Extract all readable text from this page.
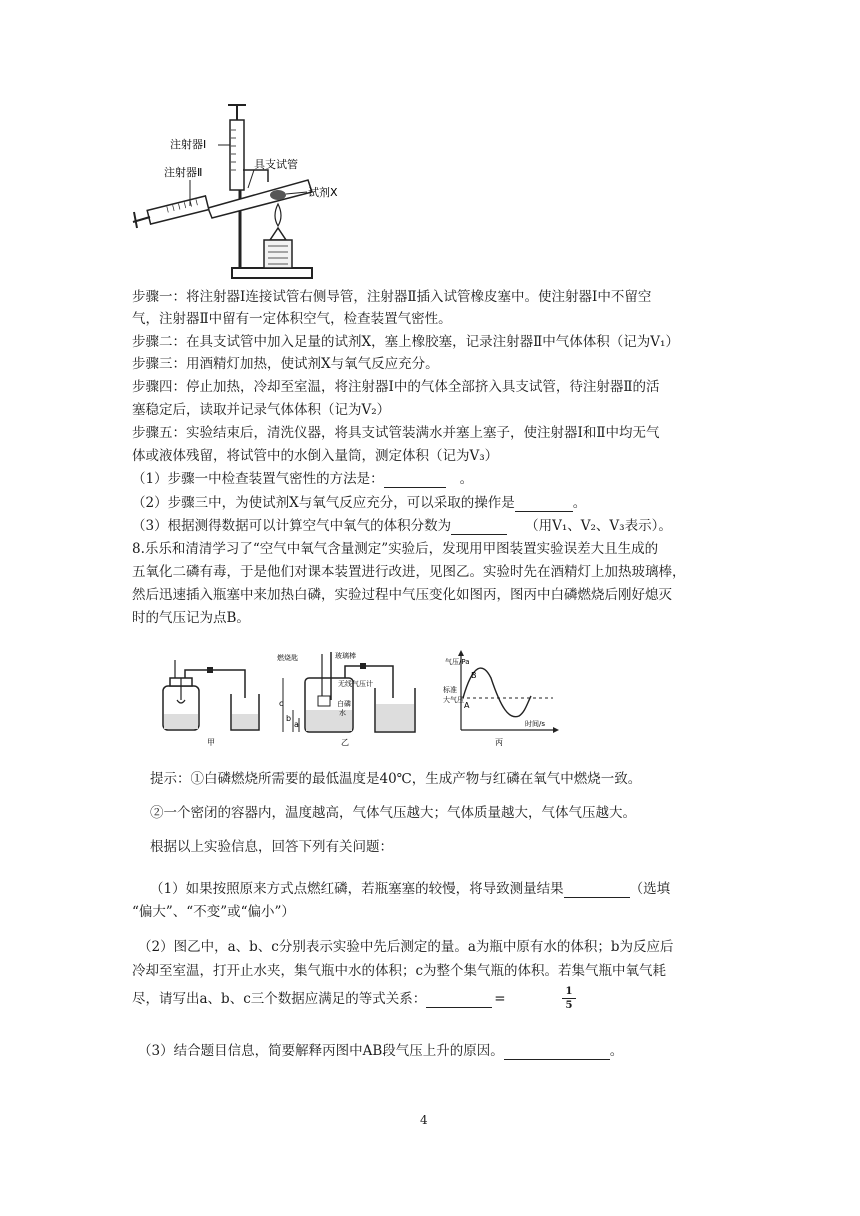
注射器Ⅰ
注射器Ⅱ
具支试管
试剂X
步骤一：将注射器Ⅰ连接试管右侧导管，注射器Ⅱ插入试管橡皮塞中。使注射器Ⅰ中不留空
气，注射器Ⅱ中留有一定体积空气，检查装置气密性。
步骤二：在具支试管中加入足量的试剂X，塞上橡胶塞，记录注射器Ⅱ中气体体积（记为V₁）
步骤三：用酒精灯加热，使试剂X与氧气反应充分。
步骤四：停止加热，冷却至室温，将注射器Ⅰ中的气体全部挤入具支试管，待注射器Ⅱ的活
塞稳定后，读取并记录气体体积（记为V₂）
步骤五：实验结束后，清洗仪器，将具支试管装满水并塞上塞子，使注射器Ⅰ和Ⅱ中均无气
体或液体残留，将试管中的水倒入量筒，测定体积（记为V₃）
（1）步骤一中检查装置气密性的方法是：	。
（2）步骤三中，为使试剂X与氧气反应充分，可以采取的操作是	。
（3）根据测得数据可以计算空气中氧气的体积分数为	（用V₁、V₂、V₃表示）。
8.乐乐和清清学习了“空气中氧气含量测定”实验后，发现用甲图装置实验误差大且生成的
五氧化二磷有毒，于是他们对课本装置进行改进，见图乙。实验时先在酒精灯上加热玻璃棒，
然后迅速插入瓶塞中来加热白磷，实验过程中气压变化如图丙，图丙中白磷燃烧后刚好熄灭
时的气压记为点B。
甲
燃烧匙	玻璃棒
无线气压计
白磷
水
c
b
a
乙
气压/Pa
时间/s
标准
大气压
A
B
丙
提示：①白磷燃烧所需要的最低温度是40℃，生成产物与红磷在氧气中燃烧一致。
②一个密闭的容器内，温度越高，气体气压越大；气体质量越大，气体气压越大。
根据以上实验信息，回答下列有关问题：
（1）如果按照原来方式点燃红磷，若瓶塞塞的较慢，将导致测量结果	（选填
“偏大”、“不变”或“偏小”）
（2）图乙中，a、b、c分别表示实验中先后测定的量。a为瓶中原有水的体积；b为反应后
冷却至室温，打开止水夹，集气瓶中水的体积；c为整个集气瓶的体积。若集气瓶中氧气耗
尽，请写出a、b、c三个数据应满足的等式关系：	=	1
5
（3）结合题目信息，简要解释丙图中AB段气压上升的原因。	。
4
